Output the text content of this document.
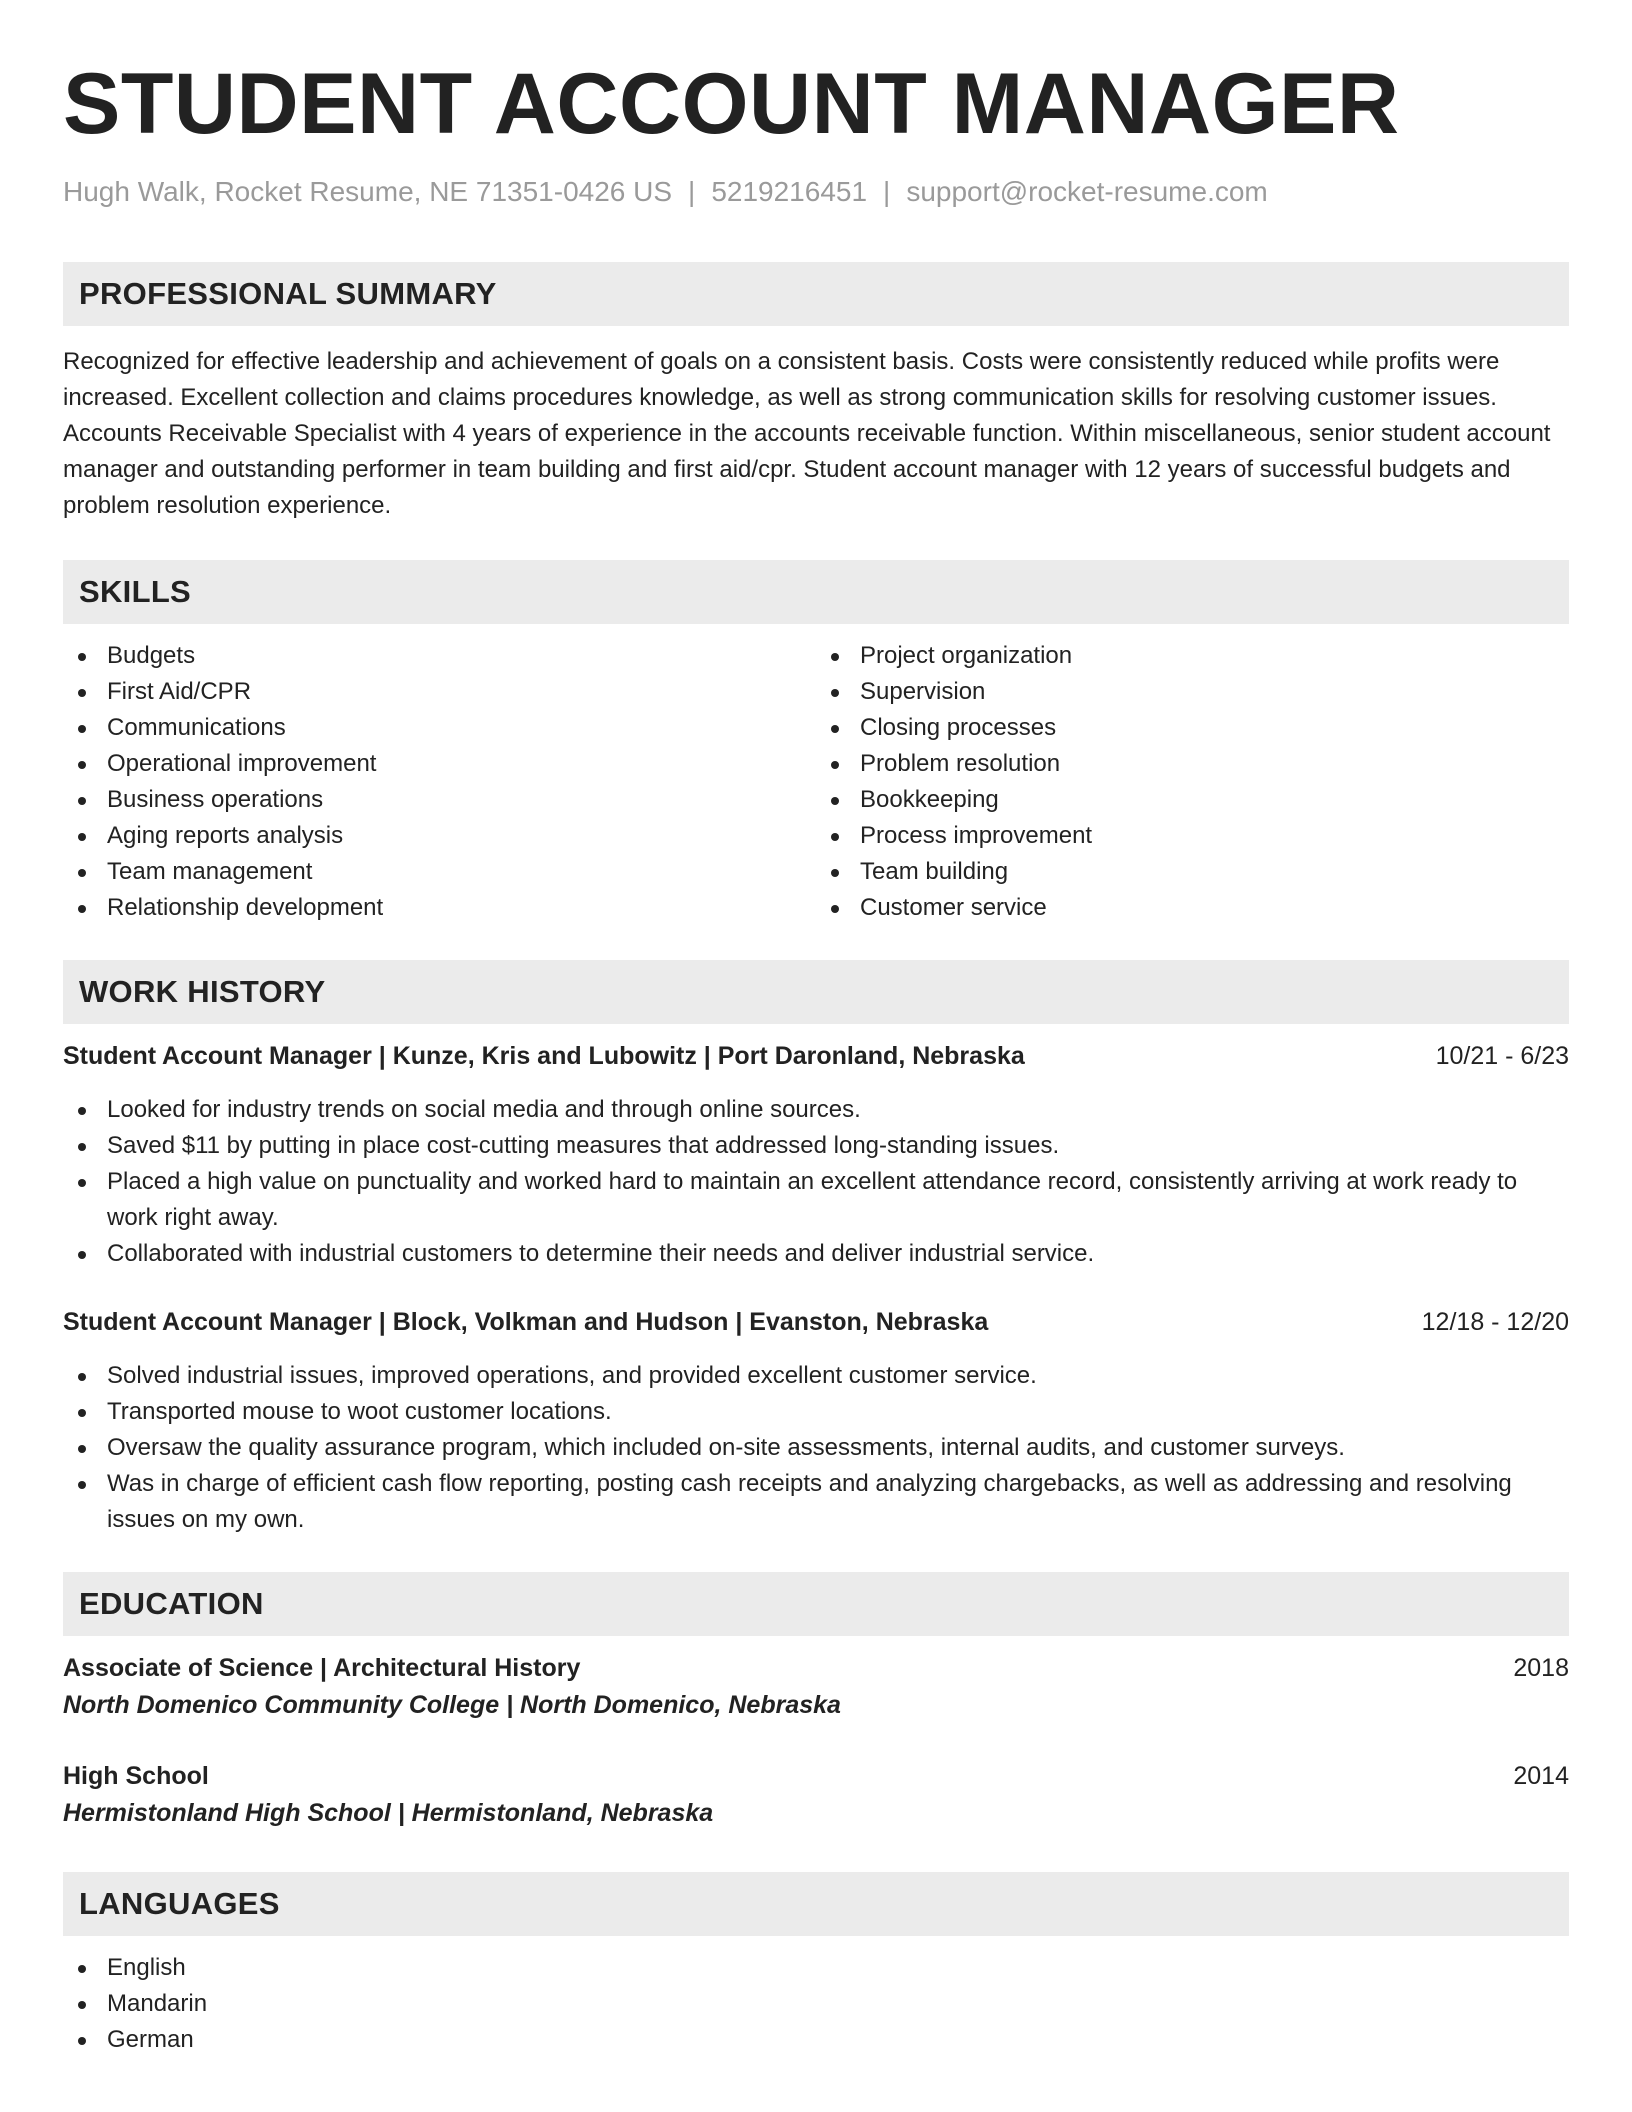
STUDENT ACCOUNT MANAGER
Hugh Walk, Rocket Resume, NE 71351-0426 US | 5219216451 | support@rocket-resume.com
PROFESSIONAL SUMMARY

Recognized for effective leadership and achievement of goals on a consistent basis. Costs were consistently reduced while profits were increased. Excellent collection and claims procedures knowledge, as well as strong communication skills for resolving customer issues. Accounts Receivable Specialist with 4 years of experience in the accounts receivable function. Within miscellaneous, senior student account manager and outstanding performer in team building and first aid/cpr. Student account manager with 12 years of successful budgets and problem resolution experience.

SKILLS
Budgets
First Aid/CPR
Communications
Operational improvement
Business operations
Aging reports analysis
Team management
Relationship development
Project organization
Supervision
Closing processes
Problem resolution
Bookkeeping
Process improvement
Team building
Customer service
WORK HISTORY
Student Account Manager | Kunze, Kris and Lubowitz | Port Daronland, Nebraska	10/21 - 6/23
Looked for industry trends on social media and through online sources.
Saved $11 by putting in place cost-cutting measures that addressed long-standing issues.
Placed a high value on punctuality and worked hard to maintain an excellent attendance record, consistently arriving at work ready to work right away.
Collaborated with industrial customers to determine their needs and deliver industrial service.
Student Account Manager | Block, Volkman and Hudson | Evanston, Nebraska	12/18 - 12/20
Solved industrial issues, improved operations, and provided excellent customer service.
Transported mouse to woot customer locations.
Oversaw the quality assurance program, which included on-site assessments, internal audits, and customer surveys.
Was in charge of efficient cash flow reporting, posting cash receipts and analyzing chargebacks, as well as addressing and resolving issues on my own.
EDUCATION
Associate of Science | Architectural History	2018
North Domenico Community College | North Domenico, Nebraska
High School	2014
Hermistonland High School | Hermistonland, Nebraska
LANGUAGES
English
Mandarin
German
